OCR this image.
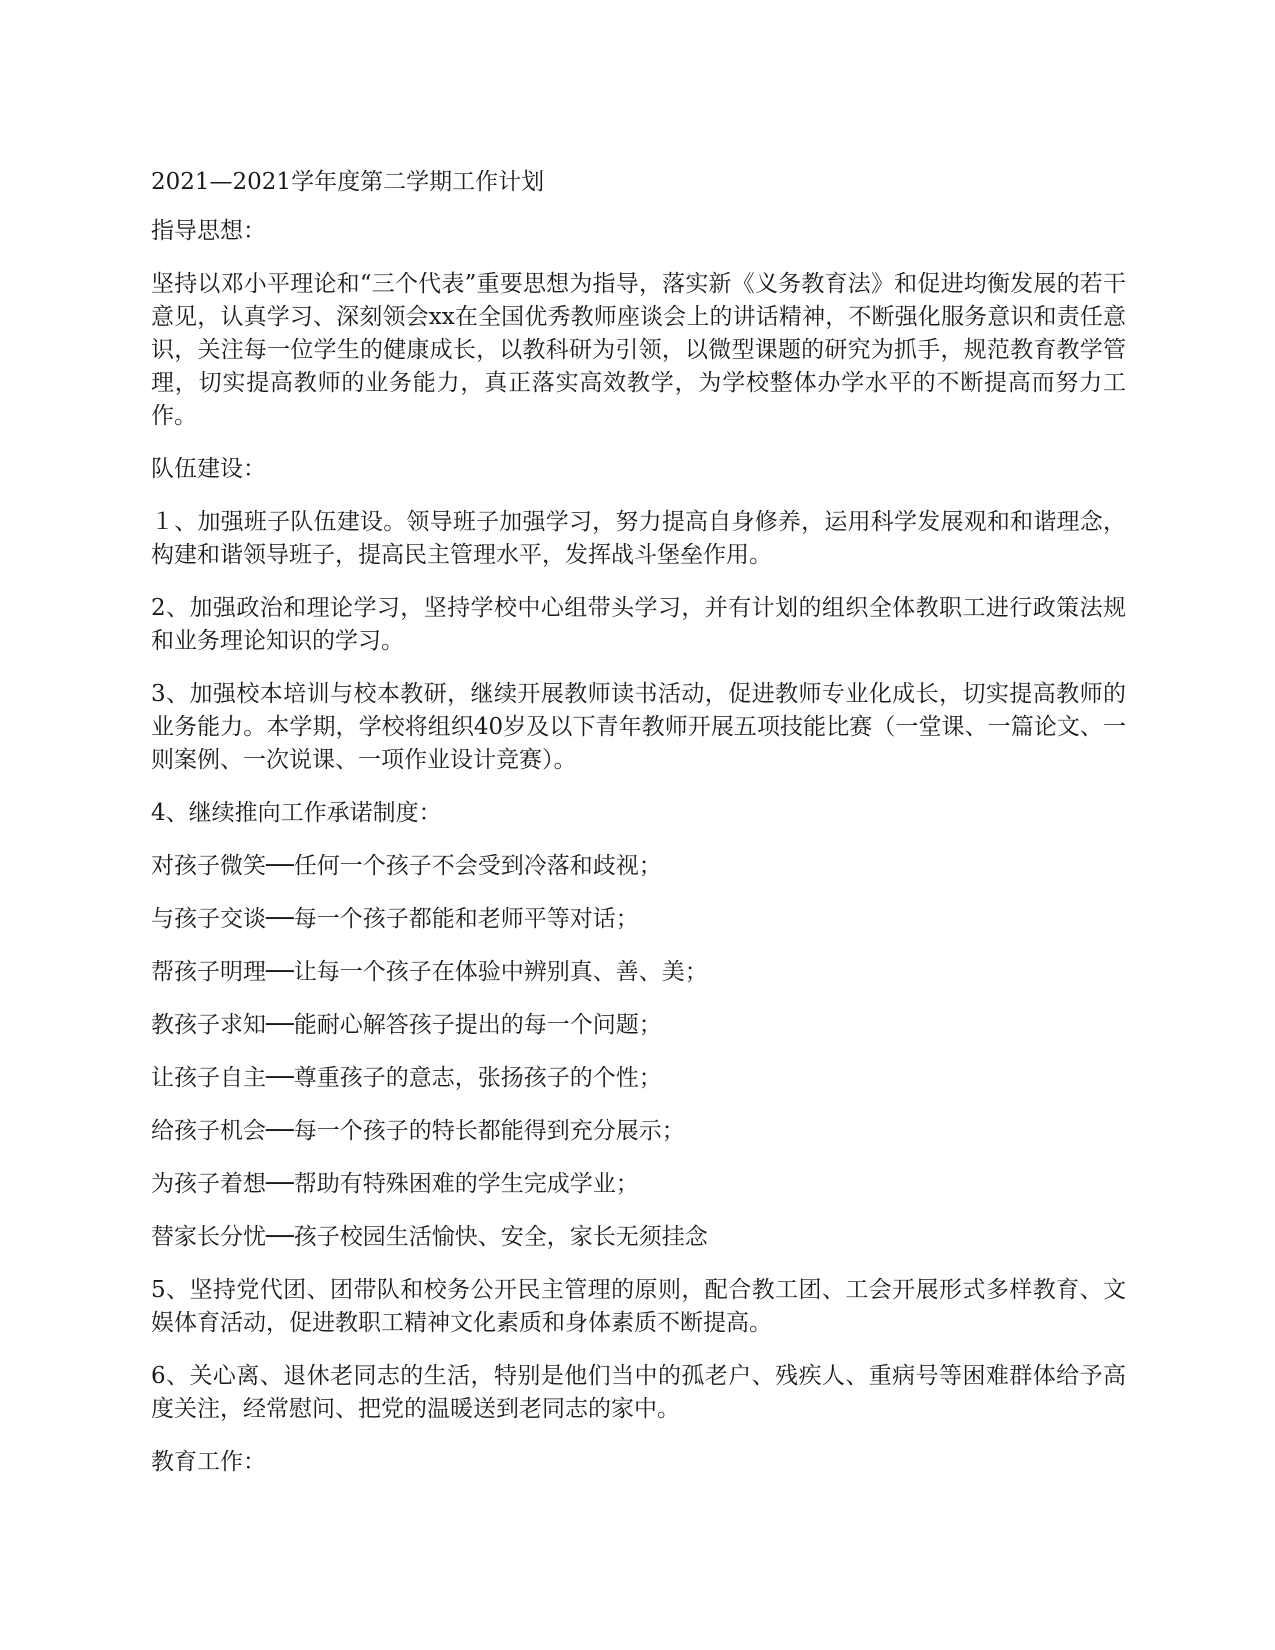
2021—2021学年度第二学期工作计划

指导思想：

坚持以邓小平理论和“三个代表”重要思想为指导，落实新《义务教育法》和促进均衡发展的若干意见，认真学习、深刻领会xx在全国优秀教师座谈会上的讲话精神，不断强化服务意识和责任意识，关注每一位学生的健康成长，以教科研为引领，以微型课题的研究为抓手，规范教育教学管理，切实提高教师的业务能力，真正落实高效教学，为学校整体办学水平的不断提高而努力工作。

队伍建设：

１、加强班子队伍建设。领导班子加强学习，努力提高自身修养，运用科学发展观和和谐理念，构建和谐领导班子，提高民主管理水平，发挥战斗堡垒作用。

2、加强政治和理论学习，坚持学校中心组带头学习，并有计划的组织全体教职工进行政策法规和业务理论知识的学习。

3、加强校本培训与校本教研，继续开展教师读书活动，促进教师专业化成长，切实提高教师的业务能力。本学期，学校将组织40岁及以下青年教师开展五项技能比赛（一堂课、一篇论文、一则案例、一次说课、一项作业设计竞赛）。

4、继续推向工作承诺制度：

对孩子微笑──任何一个孩子不会受到冷落和歧视；

与孩子交谈──每一个孩子都能和老师平等对话；

帮孩子明理──让每一个孩子在体验中辨别真、善、美；

教孩子求知──能耐心解答孩子提出的每一个问题；

让孩子自主──尊重孩子的意志，张扬孩子的个性；

给孩子机会──每一个孩子的特长都能得到充分展示；

为孩子着想──帮助有特殊困难的学生完成学业；

替家长分忧──孩子校园生活愉快、安全，家长无须挂念

5、坚持党代团、团带队和校务公开民主管理的原则，配合教工团、工会开展形式多样教育、文娱体育活动，促进教职工精神文化素质和身体素质不断提高。

6、关心离、退休老同志的生活，特别是他们当中的孤老户、残疾人、重病号等困难群体给予高度关注，经常慰问、把党的温暖送到老同志的家中。

教育工作：
